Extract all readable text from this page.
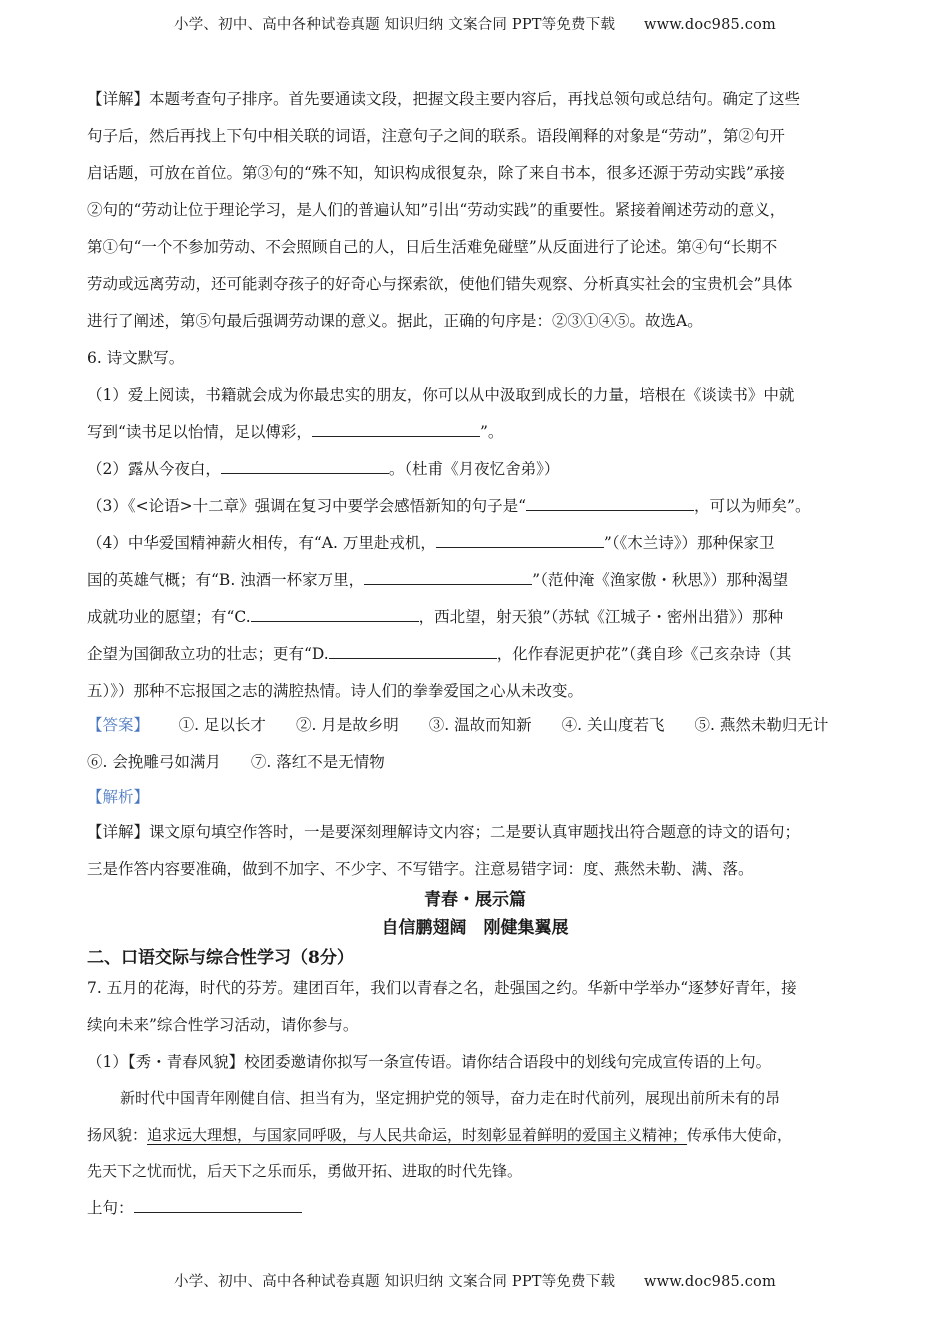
小学、初中、高中各种试卷真题 知识归纳 文案合同 PPT等免费下载 www.doc985.com
【详解】本题考查句子排序。首先要通读文段，把握文段主要内容后，再找总领句或总结句。确定了这些
句子后，然后再找上下句中相关联的词语，注意句子之间的联系。语段阐释的对象是“劳动”，第②句开
启话题，可放在首位。第③句的“殊不知，知识构成很复杂，除了来自书本，很多还源于劳动实践”承接
②句的“劳动让位于理论学习，是人们的普遍认知”引出“劳动实践”的重要性。紧接着阐述劳动的意义，
第①句“一个不参加劳动、不会照顾自己的人，日后生活难免碰壁”从反面进行了论述。第④句“长期不
劳动或远离劳动，还可能剥夺孩子的好奇心与探索欲，使他们错失观察、分析真实社会的宝贵机会”具体
进行了阐述，第⑤句最后强调劳动课的意义。据此，正确的句序是：②③①④⑤。故选A。
6. 诗文默写。
（1）爱上阅读，书籍就会成为你最忠实的朋友，你可以从中汲取到成长的力量，培根在《谈读书》中就
写到“读书足以怡情，足以傅彩，	”。
（2）露从今夜白，	。（杜甫《月夜忆舍弟》）
（3）《<论语>十二章》强调在复习中要学会感悟新知的句子是“	，可以为师矣”。
（4）中华爱国精神薪火相传，有“A. 万里赴戎机，	”（《木兰诗》）那种保家卫
国的英雄气概；有“B. 浊酒一杯家万里，	”（范仲淹《渔家傲・秋思》）那种渴望
成就功业的愿望；有“C.	，西北望，射天狼”（苏轼《江城子・密州出猎》）那种
企望为国御敌立功的壮志；更有“D.	，化作春泥更护花”（龚自珍《己亥杂诗（其
五）》）那种不忘报国之志的满腔热情。诗人们的拳拳爱国之心从未改变。
【答案】 ①. 足以长才 ②. 月是故乡明 ③. 温故而知新 ④. 关山度若飞 ⑤. 燕然未勒归无计
⑥. 会挽雕弓如满月 ⑦. 落红不是无情物
【解析】
【详解】课文原句填空作答时，一是要深刻理解诗文内容；二是要认真审题找出符合题意的诗文的语句；
三是作答内容要准确，做到不加字、不少字、不写错字。注意易错字词：度、燕然未勒、满、落。
青春・展示篇
自信鹏翅阔　刚健集翼展
二、口语交际与综合性学习（8分）
7. 五月的花海，时代的芬芳。建团百年，我们以青春之名，赴强国之约。华新中学举办“逐梦好青年，接
续向未来”综合性学习活动，请你参与。
（1）【秀・青春风貌】校团委邀请你拟写一条宣传语。请你结合语段中的划线句完成宣传语的上句。
新时代中国青年刚健自信、担当有为，坚定拥护党的领导，奋力走在时代前列，展现出前所未有的昂
扬风貌：追求远大理想，与国家同呼吸，与人民共命运，时刻彰显着鲜明的爱国主义精神；传承伟大使命，
先天下之忧而忧，后天下之乐而乐，勇做开拓、进取的时代先锋。
上句：
小学、初中、高中各种试卷真题 知识归纳 文案合同 PPT等免费下载 www.doc985.com
